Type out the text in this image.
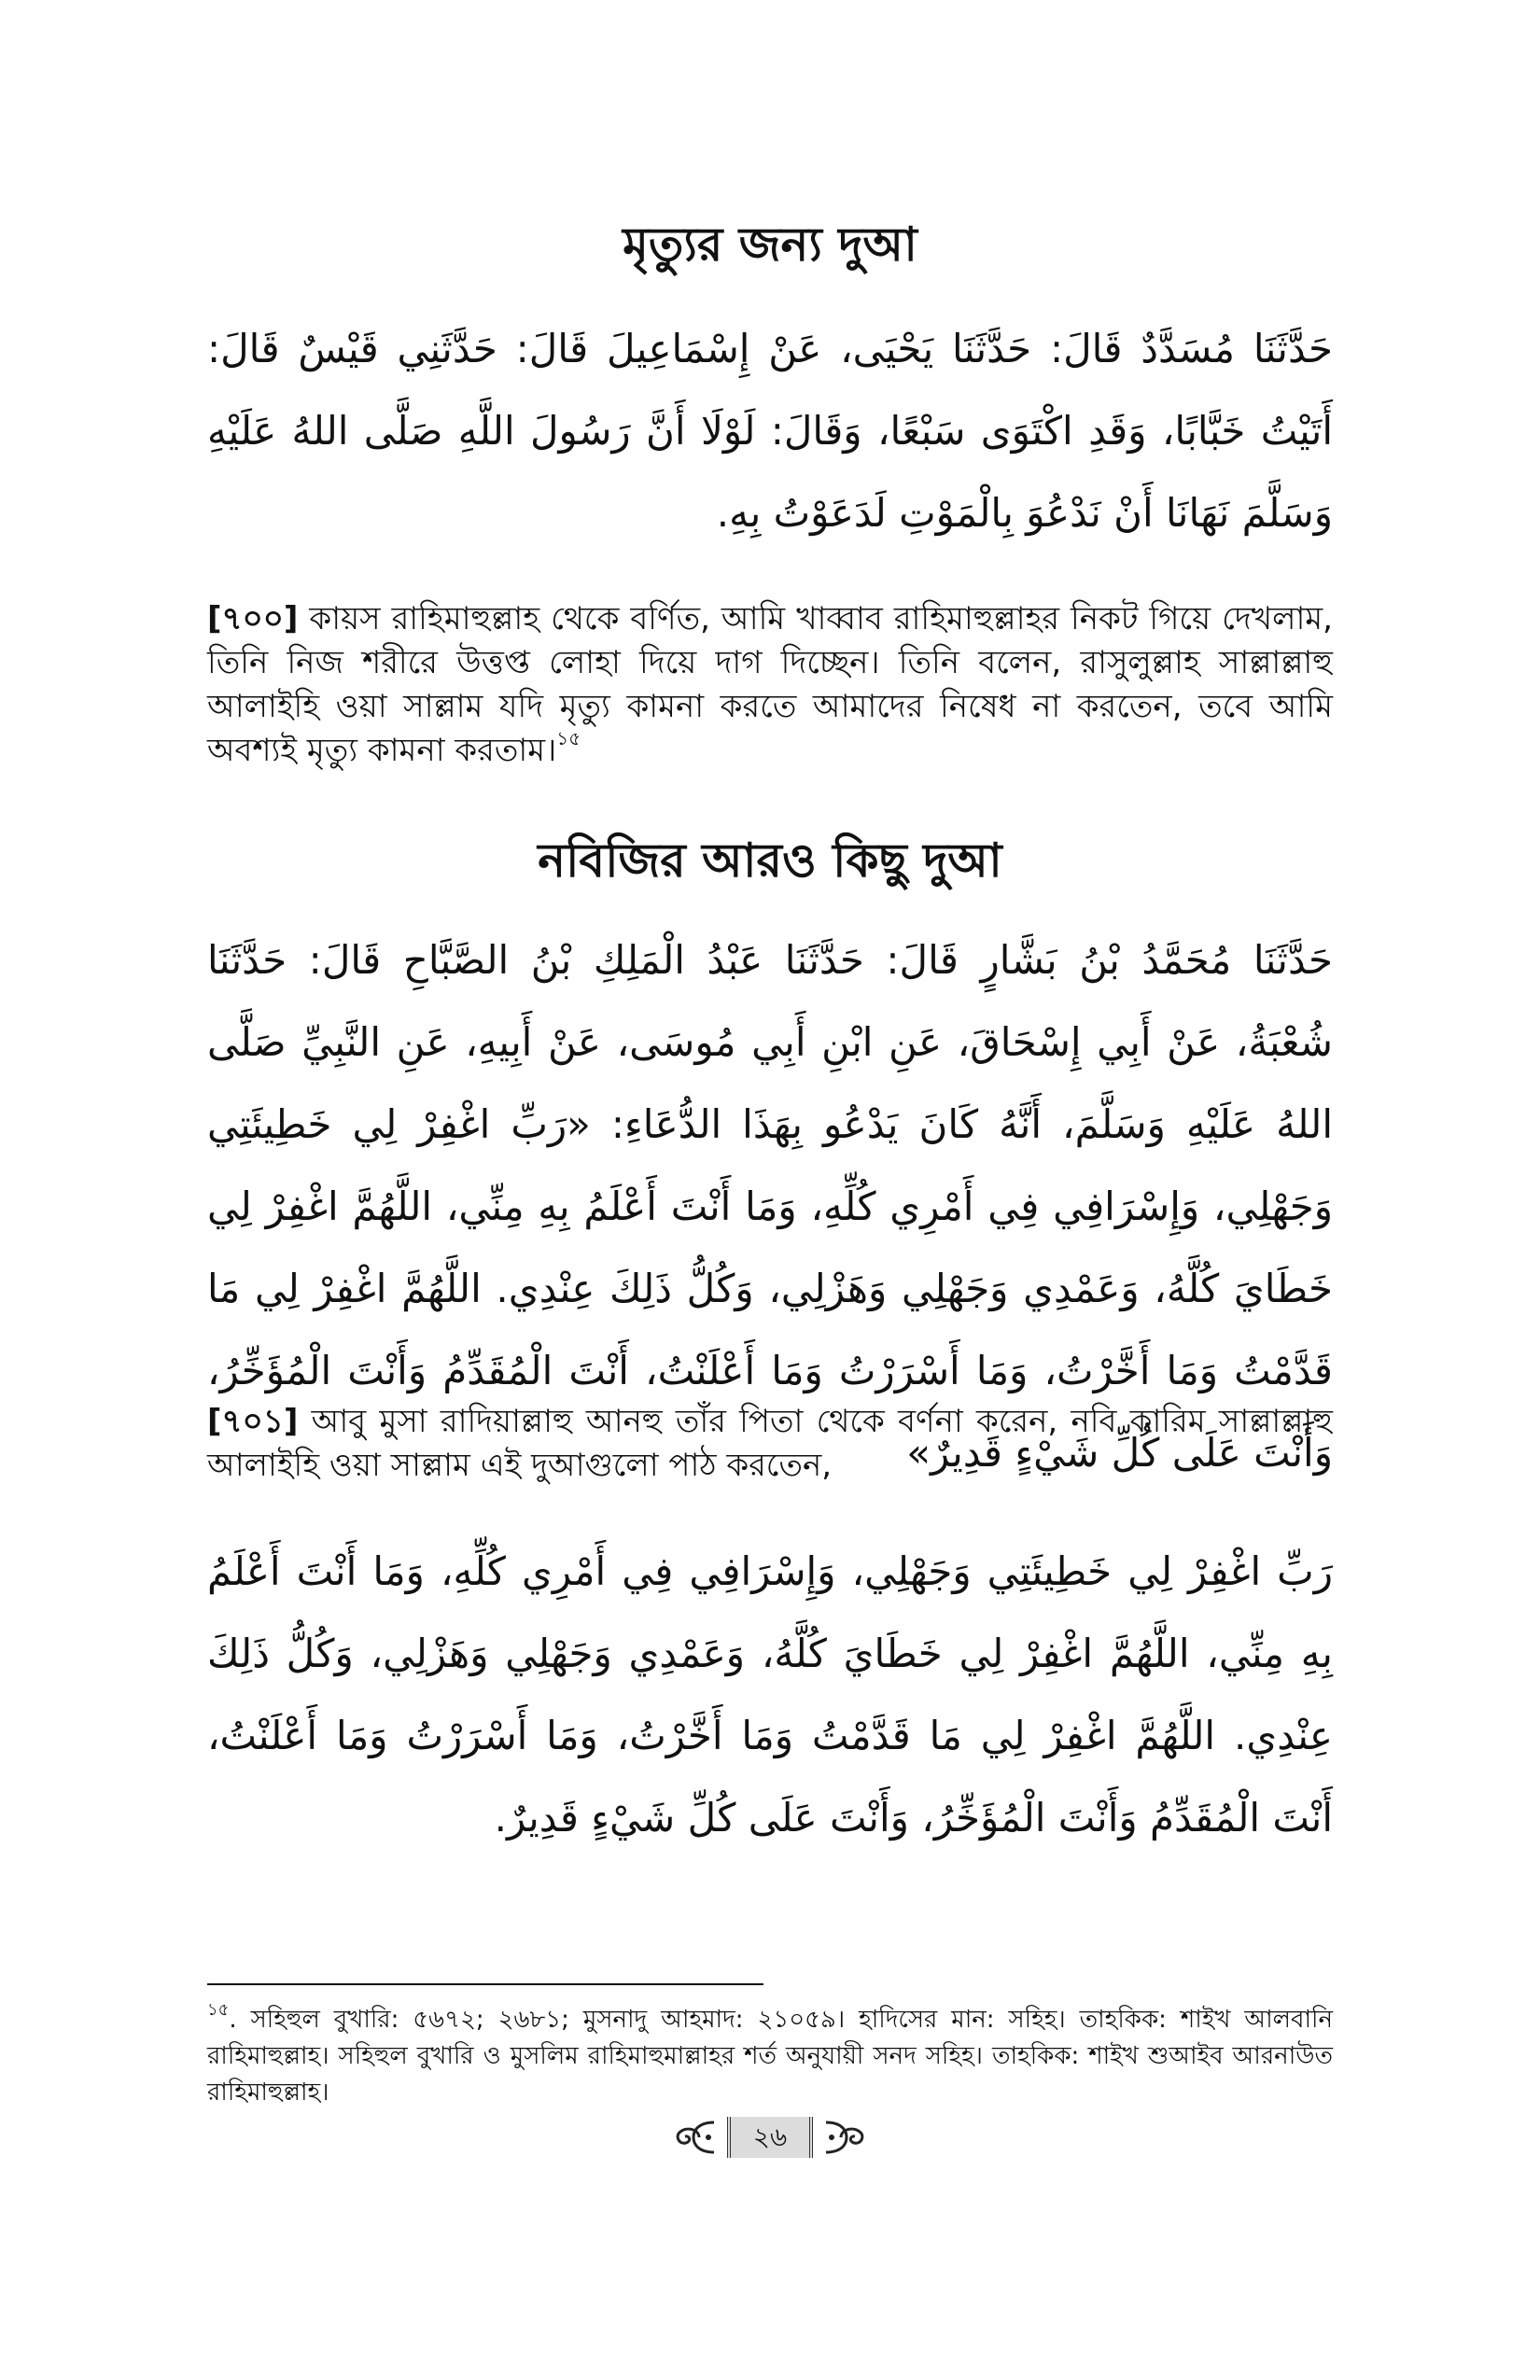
মৃত্যুর জন্য দুআ

حَدَّثَنَا مُسَدَّدٌ قَالَ: حَدَّثَنَا يَحْيَى، عَنْ إِسْمَاعِيلَ قَالَ: حَدَّثَنِي قَيْسٌ قَالَ: أَتَيْتُ خَبَّابًا، وَقَدِ اكْتَوَى سَبْعًا، وَقَالَ: لَوْلَا أَنَّ رَسُولَ اللَّهِ صَلَّى اللهُ عَلَيْهِ وَسَلَّمَ نَهَانَا أَنْ نَدْعُوَ بِالْمَوْتِ لَدَعَوْتُ بِهِ.

[৭০০] কায়স রাহিমাহুল্লাহ থেকে বর্ণিত, আমি খাব্বাব রাহিমাহুল্লাহর নিকট গিয়ে দেখলাম, তিনি নিজ শরীরে উত্তপ্ত লোহা দিয়ে দাগ দিচ্ছেন। তিনি বলেন, রাসুলুল্লাহ সাল্লাল্লাহু আলাইহি ওয়া সাল্লাম যদি মৃত্যু কামনা করতে আমাদের নিষেধ না করতেন, তবে আমি অবশ্যই মৃত্যু কামনা করতাম।$^{১৫}$

নবিজির আরও কিছু দুআ

حَدَّثَنَا مُحَمَّدُ بْنُ بَشَّارٍ قَالَ: حَدَّثَنَا عَبْدُ الْمَلِكِ بْنُ الصَّبَّاحِ قَالَ: حَدَّثَنَا شُعْبَةُ، عَنْ أَبِي إِسْحَاقَ، عَنِ ابْنِ أَبِي مُوسَى، عَنْ أَبِيهِ، عَنِ النَّبِيِّ صَلَّى اللهُ عَلَيْهِ وَسَلَّمَ، أَنَّهُ كَانَ يَدْعُو بِهَذَا الدُّعَاءِ: «رَبِّ اغْفِرْ لِي خَطِيئَتِي وَجَهْلِي، وَإِسْرَافِي فِي أَمْرِي كُلِّهِ، وَمَا أَنْتَ أَعْلَمُ بِهِ مِنِّي، اللَّهُمَّ اغْفِرْ لِي خَطَايَ كُلَّهُ، وَعَمْدِي وَجَهْلِي وَهَزْلِي، وَكُلُّ ذَلِكَ عِنْدِي. اللَّهُمَّ اغْفِرْ لِي مَا قَدَّمْتُ وَمَا أَخَّرْتُ، وَمَا أَسْرَرْتُ وَمَا أَعْلَنْتُ، أَنْتَ الْمُقَدِّمُ وَأَنْتَ الْمُؤَخِّرُ، وَأَنْتَ عَلَى كُلِّ شَيْءٍ قَدِيرٌ»

[৭০১] আবু মুসা রাদিয়াল্লাহু আনহু তাঁর পিতা থেকে বর্ণনা করেন, নবি কারিম সাল্লাল্লাহু আলাইহি ওয়া সাল্লাম এই দুআগুলো পাঠ করতেন,

رَبِّ اغْفِرْ لِي خَطِيئَتِي وَجَهْلِي، وَإِسْرَافِي فِي أَمْرِي كُلِّهِ، وَمَا أَنْتَ أَعْلَمُ بِهِ مِنِّي، اللَّهُمَّ اغْفِرْ لِي خَطَايَ كُلَّهُ، وَعَمْدِي وَجَهْلِي وَهَزْلِي، وَكُلُّ ذَلِكَ عِنْدِي. اللَّهُمَّ اغْفِرْ لِي مَا قَدَّمْتُ وَمَا أَخَّرْتُ، وَمَا أَسْرَرْتُ وَمَا أَعْلَنْتُ، أَنْتَ الْمُقَدِّمُ وَأَنْتَ الْمُؤَخِّرُ، وَأَنْتَ عَلَى كُلِّ شَيْءٍ قَدِيرٌ.

$^{১৫}$. সহিহুল বুখারি: ৫৬৭২; ২৬৮১; মুসনাদু আহমাদ: ২১০৫৯। হাদিসের মান: সহিহ। তাহকিক: শাইখ আলবানি রাহিমাহুল্লাহ। সহিহুল বুখারি ও মুসলিম রাহিমাহুমাল্লাহর শর্ত অনুযায়ী সনদ সহিহ। তাহকিক: শাইখ শুআইব আরনাউত রাহিমাহুল্লাহ।

২৬
